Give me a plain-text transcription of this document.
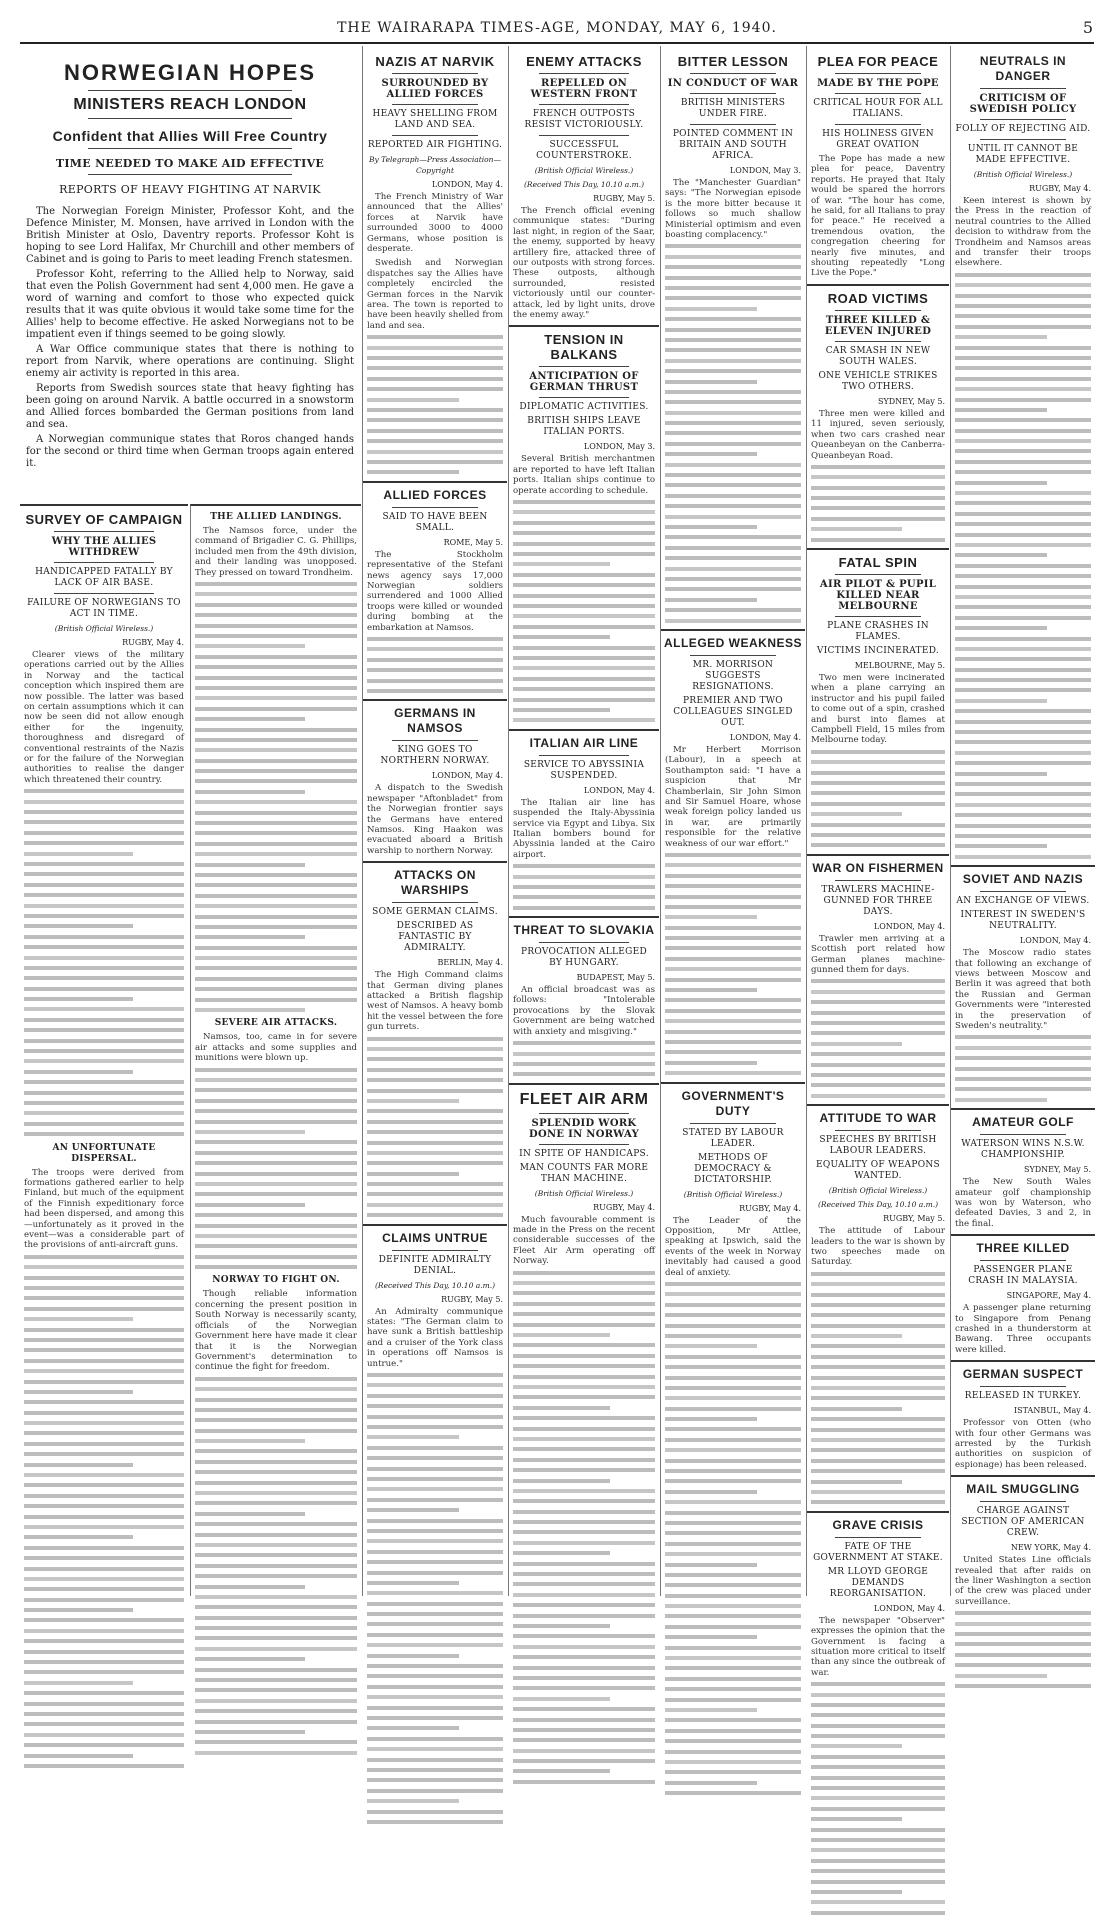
THE WAIRARAPA TIMES-AGE, MONDAY, MAY 6, 1940.	5
NORWEGIAN HOPES
MINISTERS REACH LONDON
Confident that Allies Will Free Country
TIME NEEDED TO MAKE AID EFFECTIVE
REPORTS OF HEAVY FIGHTING AT NARVIK

The Norwegian Foreign Minister, Professor Koht, and the Defence Minister, M. Monsen, have arrived in London with the British Minister at Oslo, Daventry reports. Professor Koht is hoping to see Lord Halifax, Mr Churchill and other members of Cabinet and is going to Paris to meet leading French statesmen.

Professor Koht, referring to the Allied help to Norway, said that even the Polish Government had sent 4,000 men. He gave a word of warning and comfort to those who expected quick results that it was quite obvious it would take some time for the Allies' help to become effective. He asked Norwegians not to be impatient even if things seemed to be going slowly.

A War Office communique states that there is nothing to report from Narvik, where operations are continuing. Slight enemy air activity is reported in this area.

Reports from Swedish sources state that heavy fighting has been going on around Narvik. A battle occurred in a snowstorm and Allied forces bombarded the German positions from land and sea.

A Norwegian communique states that Roros changed hands for the second or third time when German troops again entered it.

SURVEY OF CAMPAIGN
WHY THE ALLIES WITHDREW
HANDICAPPED FATALLY BY LACK OF AIR BASE.
FAILURE OF NORWEGIANS TO ACT IN TIME.
(British Official Wireless.)
RUGBY, May 4.

Clearer views of the military operations carried out by the Allies in Norway and the tactical conception which inspired them are now possible. The latter was based on certain assumptions which it can now be seen did not allow enough either for the ingenuity, thoroughness and disregard of conventional restraints of the Nazis or for the failure of the Norwegian authorities to realise the danger which threatened their country.

AN UNFORTUNATE DISPERSAL.

The troops were derived from formations gathered earlier to help Finland, but much of the equipment of the Finnish expeditionary force had been dispersed, and among this—unfortunately as it proved in the event—was a considerable part of the provisions of anti-aircraft guns.

THE ALLIED LANDINGS.

The Namsos force, under the command of Brigadier C. G. Phillips, included men from the 49th division, and their landing was unopposed. They pressed on toward Trondheim.

SEVERE AIR ATTACKS.

Namsos, too, came in for severe air attacks and some supplies and munitions were blown up.

NORWAY TO FIGHT ON.

Though reliable information concerning the present position in South Norway is necessarily scanty, officials of the Norwegian Government here have made it clear that it is the Norwegian Government's determination to continue the fight for freedom.

NAZIS AT NARVIK
SURROUNDED BY ALLIED FORCES
HEAVY SHELLING FROM LAND AND SEA.
REPORTED AIR FIGHTING.
By Telegraph—Press Association—Copyright
LONDON, May 4.

The French Ministry of War announced that the Allies' forces at Narvik have surrounded 3000 to 4000 Germans, whose position is desperate.

Swedish and Norwegian dispatches say the Allies have completely encircled the German forces in the Narvik area. The town is reported to have been heavily shelled from land and sea.

ALLIED FORCES
SAID TO HAVE BEEN SMALL.
ROME, May 5.

The Stockholm representative of the Stefani news agency says 17,000 Norwegian soldiers surrendered and 1000 Allied troops were killed or wounded during bombing at the embarkation at Namsos.

GERMANS IN NAMSOS
KING GOES TO NORTHERN NORWAY.
LONDON, May 4.

A dispatch to the Swedish newspaper "Aftonbladet" from the Norwegian frontier says the Germans have entered Namsos. King Haakon was evacuated aboard a British warship to northern Norway.

ATTACKS ON WARSHIPS
SOME GERMAN CLAIMS.
DESCRIBED AS FANTASTIC BY ADMIRALTY.
BERLIN, May 4.

The High Command claims that German diving planes attacked a British flagship west of Namsos. A heavy bomb hit the vessel between the fore gun turrets.

CLAIMS UNTRUE
DEFINITE ADMIRALTY DENIAL.
(Received This Day, 10.10 a.m.)
RUGBY, May 5.

An Admiralty communique states: "The German claim to have sunk a British battleship and a cruiser of the York class in operations off Namsos is untrue."

ENEMY ATTACKS
REPELLED ON WESTERN FRONT
FRENCH OUTPOSTS RESIST VICTORIOUSLY.
SUCCESSFUL COUNTERSTROKE.
(British Official Wireless.)
(Received This Day, 10.10 a.m.)
RUGBY, May 5.

The French official evening communique states: "During last night, in region of the Saar, the enemy, supported by heavy artillery fire, attacked three of our outposts with strong forces. These outposts, although surrounded, resisted victoriously until our counter-attack, led by light units, drove the enemy away."

TENSION IN BALKANS
ANTICIPATION OF GERMAN THRUST
DIPLOMATIC ACTIVITIES.
BRITISH SHIPS LEAVE ITALIAN PORTS.
LONDON, May 3.

Several British merchantmen are reported to have left Italian ports. Italian ships continue to operate according to schedule.

ITALIAN AIR LINE
SERVICE TO ABYSSINIA SUSPENDED.
LONDON, May 4.

The Italian air line has suspended the Italy-Abyssinia service via Egypt and Libya. Six Italian bombers bound for Abyssinia landed at the Cairo airport.

THREAT TO SLOVAKIA
PROVOCATION ALLEGED BY HUNGARY.
BUDAPEST, May 5.

An official broadcast was as follows: "Intolerable provocations by the Slovak Government are being watched with anxiety and misgiving."

FLEET AIR ARM
SPLENDID WORK DONE IN NORWAY
IN SPITE OF HANDICAPS.
MAN COUNTS FAR MORE THAN MACHINE.
(British Official Wireless.)
RUGBY, May 4.

Much favourable comment is made in the Press on the recent considerable successes of the Fleet Air Arm operating off Norway.

BITTER LESSON
IN CONDUCT OF WAR
BRITISH MINISTERS UNDER FIRE.
POINTED COMMENT IN BRITAIN AND SOUTH AFRICA.
LONDON, May 3.

The "Manchester Guardian" says: "The Norwegian episode is the more bitter because it follows so much shallow Ministerial optimism and even boasting complacency."

ALLEGED WEAKNESS
MR. MORRISON SUGGESTS RESIGNATIONS.
PREMIER AND TWO COLLEAGUES SINGLED OUT.
LONDON, May 4.

Mr Herbert Morrison (Labour), in a speech at Southampton said: "I have a suspicion that Mr Chamberlain, Sir John Simon and Sir Samuel Hoare, whose weak foreign policy landed us in war, are primarily responsible for the relative weakness of our war effort."

GOVERNMENT'S DUTY
STATED BY LABOUR LEADER.
METHODS OF DEMOCRACY & DICTATORSHIP.
(British Official Wireless.)
RUGBY, May 4.

The Leader of the Opposition, Mr Attlee, speaking at Ipswich, said the events of the week in Norway inevitably had caused a good deal of anxiety.

PLEA FOR PEACE
MADE BY THE POPE
CRITICAL HOUR FOR ALL ITALIANS.
HIS HOLINESS GIVEN GREAT OVATION

The Pope has made a new plea for peace, Daventry reports. He prayed that Italy would be spared the horrors of war. "The hour has come, he said, for all Italians to pray for peace." He received a tremendous ovation, the congregation cheering for nearly five minutes, and shouting repeatedly "Long Live the Pope."

ROAD VICTIMS
THREE KILLED & ELEVEN INJURED
CAR SMASH IN NEW SOUTH WALES.
ONE VEHICLE STRIKES TWO OTHERS.
SYDNEY, May 5.

Three men were killed and 11 injured, seven seriously, when two cars crashed near Queanbeyan on the Canberra-Queanbeyan Road.

FATAL SPIN
AIR PILOT & PUPIL KILLED NEAR MELBOURNE
PLANE CRASHES IN FLAMES.
VICTIMS INCINERATED.
MELBOURNE, May 5.

Two men were incinerated when a plane carrying an instructor and his pupil failed to come out of a spin, crashed and burst into flames at Campbell Field, 15 miles from Melbourne today.

WAR ON FISHERMEN
TRAWLERS MACHINE-GUNNED FOR THREE DAYS.
LONDON, May 4.

Trawler men arriving at a Scottish port related how German planes machine-gunned them for days.

ATTITUDE TO WAR
SPEECHES BY BRITISH LABOUR LEADERS.
EQUALITY OF WEAPONS WANTED.
(British Official Wireless.)
(Received This Day, 10.10 a.m.)
RUGBY, May 5.

The attitude of Labour leaders to the war is shown by two speeches made on Saturday.

GRAVE CRISIS
FATE OF THE GOVERNMENT AT STAKE.
MR LLOYD GEORGE DEMANDS REORGANISATION.
LONDON, May 4.

The newspaper "Observer" expresses the opinion that the Government is facing a situation more critical to itself than any since the outbreak of war.

NEUTRALS IN DANGER
CRITICISM OF SWEDISH POLICY
FOLLY OF REJECTING AID.
UNTIL IT CANNOT BE MADE EFFECTIVE.
(British Official Wireless.)
RUGBY, May 4.

Keen interest is shown by the Press in the reaction of neutral countries to the Allied decision to withdraw from the Trondheim and Namsos areas and transfer their troops elsewhere.

SOVIET AND NAZIS
AN EXCHANGE OF VIEWS.
INTEREST IN SWEDEN'S NEUTRALITY.
LONDON, May 4.

The Moscow radio states that following an exchange of views between Moscow and Berlin it was agreed that both the Russian and German Governments were "interested in the preservation of Sweden's neutrality."

AMATEUR GOLF
WATERSON WINS N.S.W. CHAMPIONSHIP.
SYDNEY, May 5.

The New South Wales amateur golf championship was won by Waterson, who defeated Davies, 3 and 2, in the final.

THREE KILLED
PASSENGER PLANE CRASH IN MALAYSIA.
SINGAPORE, May 4.

A passenger plane returning to Singapore from Penang crashed in a thunderstorm at Bawang. Three occupants were killed.

GERMAN SUSPECT
RELEASED IN TURKEY.
ISTANBUL, May 4.

Professor von Otten (who with four other Germans was arrested by the Turkish authorities on suspicion of espionage) has been released.

MAIL SMUGGLING
CHARGE AGAINST SECTION OF AMERICAN CREW.
NEW YORK, May 4.

United States Line officials revealed that after raids on the liner Washington a section of the crew was placed under surveillance.
